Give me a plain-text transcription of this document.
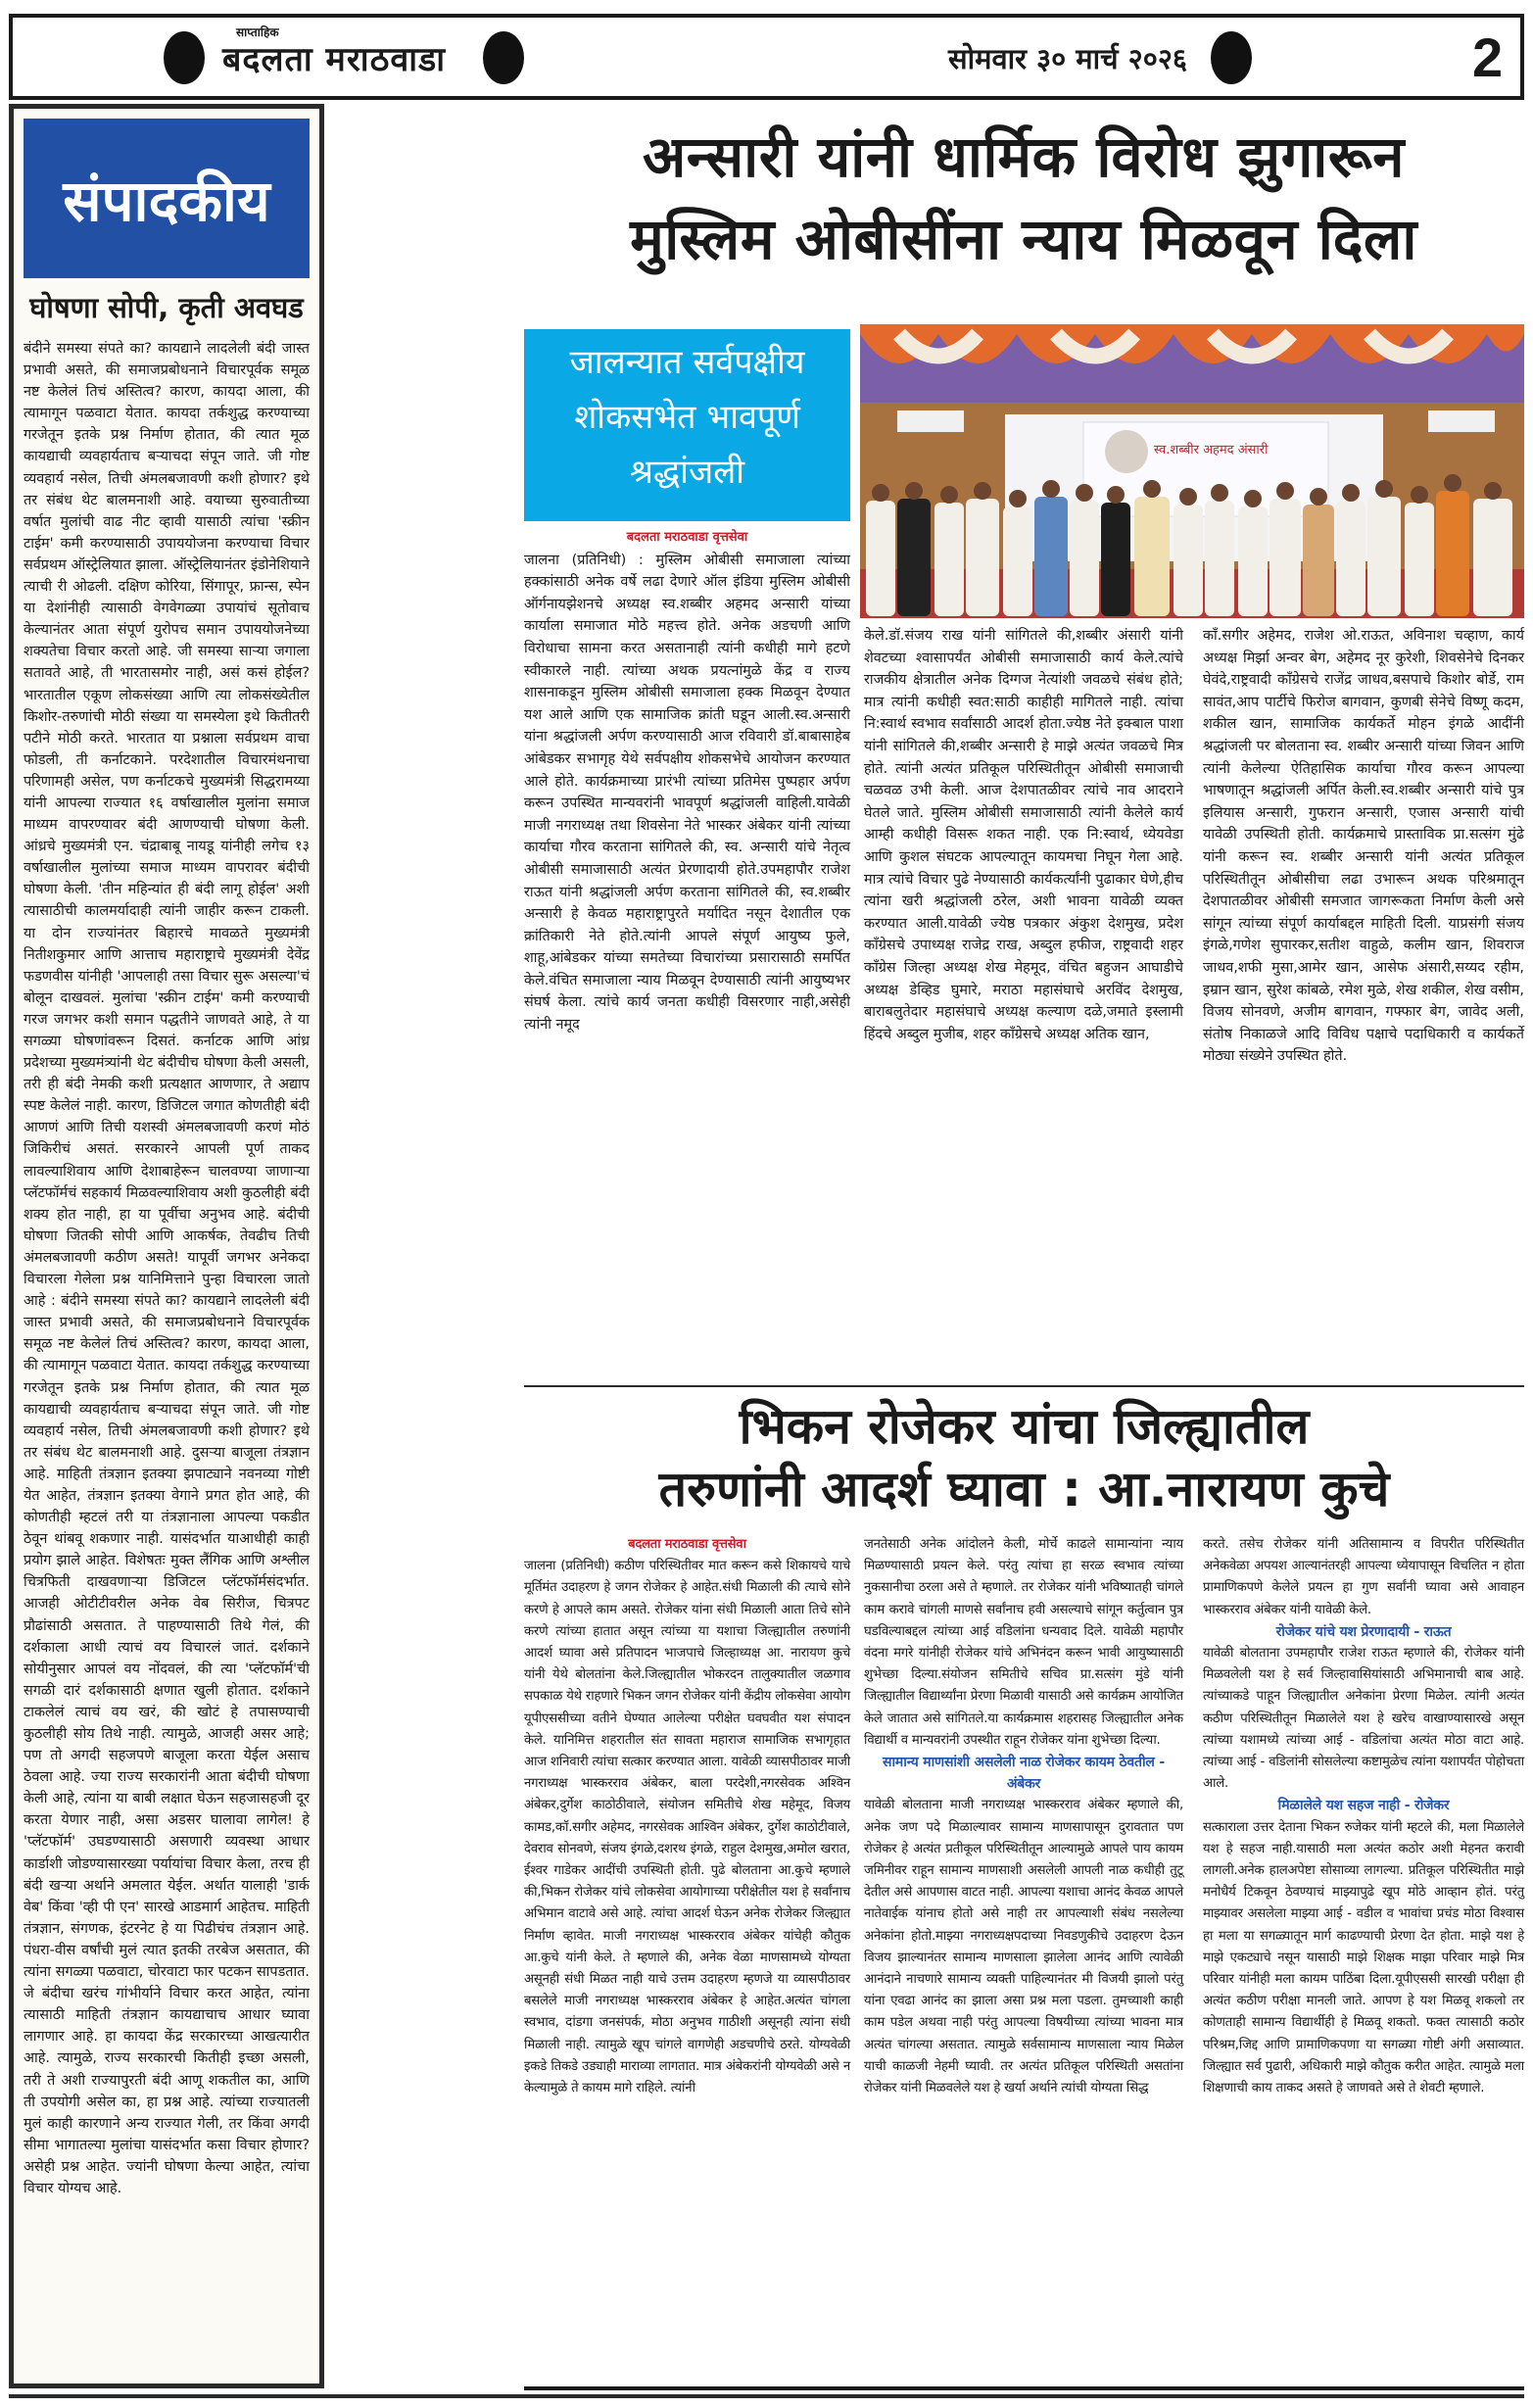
साप्ताहिक
बदलता मराठवाडा	सोमवार ३० मार्च २०२६	2
संपादकीय
घोषणा सोपी, कृती अवघड
बंदीने समस्या संपते का? कायद्याने लादलेली बंदी जास्त प्रभावी असते, की समाजप्रबोधनाने विचारपूर्वक समूळ नष्ट केलेलं तिचं अस्तित्व? कारण, कायदा आला, की त्यामागून पळवाटा येतात. कायदा तर्कशुद्ध करण्याच्या गरजेतून इतके प्रश्न निर्माण होतात, की त्यात मूळ कायद्याची व्यवहार्यताच बऱ्याचदा संपून जाते. जी गोष्ट व्यवहार्य नसेल, तिची अंमलबजावणी कशी होणार? इथे तर संबंध थेट बालमनाशी आहे. वयाच्या सुरुवातीच्या वर्षात मुलांची वाढ नीट व्हावी यासाठी त्यांचा 'स्क्रीन टाईम' कमी करण्यासाठी उपाययोजना करण्याचा विचार सर्वप्रथम ऑस्ट्रेलियात झाला. ऑस्ट्रेलियानंतर इंडोनेशियाने त्याची री ओढली. दक्षिण कोरिया, सिंगापूर, फ्रान्स, स्पेन या देशांनीही त्यासाठी वेगवेगळ्या उपायांचं सूतोवाच केल्यानंतर आता संपूर्ण युरोपच समान उपाययोजनेच्या शक्यतेचा विचार करतो आहे. जी समस्या साऱ्या जगाला सतावते आहे, ती भारतासमोर नाही, असं कसं होईल? भारतातील एकूण लोकसंख्या आणि त्या लोकसंख्येतील किशोर-तरुणांची मोठी संख्या या समस्येला इथे कितीतरी पटीने मोठी करते. भारतात या प्रश्नाला सर्वप्रथम वाचा फोडली, ती कर्नाटकाने. परदेशातील विचारमंथनाचा परिणामही असेल, पण कर्नाटकचे मुख्यमंत्री सिद्धरामय्या यांनी आपल्या राज्यात १६ वर्षाखालील मुलांना समाज माध्यम वापरण्यावर बंदी आणण्याची घोषणा केली. आंध्रचे मुख्यमंत्री एन. चंद्राबाबू नायडू यांनीही लगेच १३ वर्षाखालील मुलांच्या समाज माध्यम वापरावर बंदीची घोषणा केली. 'तीन महिन्यांत ही बंदी लागू होईल' अशी त्यासाठीची कालमर्यादाही त्यांनी जाहीर करून टाकली. या दोन राज्यांनंतर बिहारचे मावळते मुख्यमंत्री नितीशकुमार आणि आत्ताच महाराष्ट्राचे मुख्यमंत्री देवेंद्र फडणवीस यांनीही 'आपलाही तसा विचार सुरू असल्या'चं बोलून दाखवलं. मुलांचा 'स्क्रीन टाईम' कमी करण्याची गरज जगभर कशी समान पद्धतीने जाणवते आहे, ते या सगळ्या घोषणांवरून दिसतं. कर्नाटक आणि आंध्र प्रदेशच्या मुख्यमंत्र्यांनी थेट बंदीचीच घोषणा केली असली, तरी ही बंदी नेमकी कशी प्रत्यक्षात आणणार, ते अद्याप स्पष्ट केलेलं नाही. कारण, डिजिटल जगात कोणतीही बंदी आणणं आणि तिची यशस्वी अंमलबजावणी करणं मोठं जिकिरीचं असतं. सरकारने आपली पूर्ण ताकद लावल्याशिवाय आणि देशाबाहेरून चालवण्या जाणाऱ्या प्लॅटफॉर्मचं सहकार्य मिळवल्याशिवाय अशी कुठलीही बंदी शक्य होत नाही, हा या पूर्वीचा अनुभव आहे. बंदीची घोषणा जितकी सोपी आणि आकर्षक, तेवढीच तिची अंमलबजावणी कठीण असते! यापूर्वी जगभर अनेकदा विचारला गेलेला प्रश्न यानिमित्ताने पुन्हा विचारला जातो आहे : बंदीने समस्या संपते का? कायद्याने लादलेली बंदी जास्त प्रभावी असते, की समाजप्रबोधनाने विचारपूर्वक समूळ नष्ट केलेलं तिचं अस्तित्व? कारण, कायदा आला, की त्यामागून पळवाटा येतात. कायदा तर्कशुद्ध करण्याच्या गरजेतून इतके प्रश्न निर्माण होतात, की त्यात मूळ कायद्याची व्यवहार्यताच बऱ्याचदा संपून जाते. जी गोष्ट व्यवहार्य नसेल, तिची अंमलबजावणी कशी होणार? इथे तर संबंध थेट बालमनाशी आहे. दुसऱ्या बाजूला तंत्रज्ञान आहे. माहिती तंत्रज्ञान इतक्या झपाट्याने नवनव्या गोष्टी येत आहेत, तंत्रज्ञान इतक्या वेगाने प्रगत होत आहे, की कोणतीही म्हटलं तरी या तंत्रज्ञानाला आपल्या पकडीत ठेवून थांबवू शकणार नाही. यासंदर्भात याआधीही काही प्रयोग झाले आहेत. विशेषतः मुक्त लैंगिक आणि अश्लील चित्रफिती दाखवणाऱ्या डिजिटल प्लॅटफॉर्मसंदर्भात. आजही ओटीटीवरील अनेक वेब सिरीज, चित्रपट प्रौढांसाठी असतात. ते पाहण्यासाठी तिथे गेलं, की दर्शकाला आधी त्याचं वय विचारलं जातं. दर्शकाने सोयीनुसार आपलं वय नोंदवलं, की त्या 'प्लॅटफॉर्म'ची सगळी दारं दर्शकासाठी क्षणात खुली होतात. दर्शकाने टाकलेलं त्याचं वय खरं, की खोटं हे तपासण्याची कुठलीही सोय तिथे नाही. त्यामुळे, आजही असर आहे; पण तो अगदी सहजपणे बाजूला करता येईल असाच ठेवला आहे. ज्या राज्य सरकारांनी आता बंदीची घोषणा केली आहे, त्यांना या बाबी लक्षात घेऊन सहजासहजी दूर करता येणार नाही, असा अडसर घालावा लागेल! हे 'प्लॅटफॉर्म' उघडण्यासाठी असणारी व्यवस्था आधार कार्डाशी जोडण्यासारख्या पर्यायांचा विचार केला, तरच ही बंदी खऱ्या अर्थाने अमलात येईल. अर्थात यालाही 'डार्क वेब' किंवा 'व्ही पी एन' सारखे आडमार्ग आहेतच. माहिती तंत्रज्ञान, संगणक, इंटरनेट हे या पिढीचंच तंत्रज्ञान आहे. पंधरा-वीस वर्षांची मुलं त्यात इतकी तरबेज असतात, की त्यांना सगळ्या पळवाटा, चोरवाटा फार पटकन सापडतात. जे बंदीचा खरंच गांभीर्याने विचार करत आहेत, त्यांना त्यासाठी माहिती तंत्रज्ञान कायद्याचाच आधार घ्यावा लागणार आहे. हा कायदा केंद्र सरकारच्या आखत्यारीत आहे. त्यामुळे, राज्य सरकारची कितीही इच्छा असली, तरी ते अशी राज्यापुरती बंदी आणू शकतील का, आणि ती उपयोगी असेल का, हा प्रश्न आहे. त्यांच्या राज्यातली मुलं काही कारणाने अन्य राज्यात गेली, तर किंवा अगदी सीमा भागातल्या मुलांचा यासंदर्भात कसा विचार होणार? असेही प्रश्न आहेत. ज्यांनी घोषणा केल्या आहेत, त्यांचा विचार योग्यच आहे.
अन्सारी यांनी धार्मिक विरोध झुगारून
मुस्लिम ओबीसींना न्याय मिळवून दिला
जालन्यात सर्वपक्षीय शोकसभेत भावपूर्ण श्रद्धांजली
स्व.शब्बीर अहमद अंसारी
बदलता मराठवाडा वृत्तसेवा
जालना (प्रतिनिधी) : मुस्लिम ओबीसी समाजाला त्यांच्या हक्कांसाठी अनेक वर्षे लढा देणारे ऑल इंडिया मुस्लिम ओबीसी ऑर्गनायझेशनचे अध्यक्ष स्व.शब्बीर अहमद अन्सारी यांच्या कार्याला समाजात मोठे महत्त्व होते. अनेक अडचणी आणि विरोधाचा सामना करत असतानाही त्यांनी कधीही मागे हटणे स्वीकारले नाही. त्यांच्या अथक प्रयत्नांमुळे केंद्र व राज्य शासनाकडून मुस्लिम ओबीसी समाजाला हक्क मिळवून देण्यात यश आले आणि एक सामाजिक क्रांती घडून आली.स्व.अन्सारी यांना श्रद्धांजली अर्पण करण्यासाठी आज रविवारी डॉ.बाबासाहेब आंबेडकर सभागृह येथे सर्वपक्षीय शोकसभेचे आयोजन करण्यात आले होते. कार्यक्रमाच्या प्रारंभी त्यांच्या प्रतिमेस पुष्पहार अर्पण करून उपस्थित मान्यवरांनी भावपूर्ण श्रद्धांजली वाहिली.यावेळी माजी नगराध्यक्ष तथा शिवसेना नेते भास्कर अंबेकर यांनी त्यांच्या कार्याचा गौरव करताना सांगितले की, स्व. अन्सारी यांचे नेतृत्व ओबीसी समाजासाठी अत्यंत प्रेरणादायी होते.उपमहापौर राजेश राऊत यांनी श्रद्धांजली अर्पण करताना सांगितले की, स्व.शब्बीर अन्सारी हे केवळ महाराष्ट्रापुरते मर्यादित नसून देशातील एक क्रांतिकारी नेते होते.त्यांनी आपले संपूर्ण आयुष्य फुले, शाहू,आंबेडकर यांच्या समतेच्या विचारांच्या प्रसारासाठी समर्पित केले.वंचित समाजाला न्याय मिळवून देण्यासाठी त्यांनी आयुष्यभर संघर्ष केला. त्यांचे कार्य जनता कधीही विसरणार नाही,असेही त्यांनी नमूद
केले.डॉ.संजय राख यांनी सांगितले की,शब्बीर अंसारी यांनी शेवटच्या श्वासापर्यंत ओबीसी समाजासाठी कार्य केले.त्यांचे राजकीय क्षेत्रातील अनेक दिग्गज नेत्यांशी जवळचे संबंध होते; मात्र त्यांनी कधीही स्वत:साठी काहीही मागितले नाही. त्यांचा नि:स्वार्थ स्वभाव सर्वांसाठी आदर्श होता.ज्येष्ठ नेते इक्बाल पाशा यांनी सांगितले की,शब्बीर अन्सारी हे माझे अत्यंत जवळचे मित्र होते. त्यांनी अत्यंत प्रतिकूल परिस्थितीतून ओबीसी समाजाची चळवळ उभी केली. आज देशपातळीवर त्यांचे नाव आदराने घेतले जाते. मुस्लिम ओबीसी समाजासाठी त्यांनी केलेले कार्य आम्ही कधीही विसरू शकत नाही. एक नि:स्वार्थ, ध्येयवेडा आणि कुशल संघटक आपल्यातून कायमचा निघून गेला आहे. मात्र त्यांचे विचार पुढे नेण्यासाठी कार्यकर्त्यांनी पुढाकार घेणे,हीच त्यांना खरी श्रद्धांजली ठरेल, अशी भावना यावेळी व्यक्त करण्यात आली.यावेळी ज्येष्ठ पत्रकार अंकुश देशमुख, प्रदेश काँग्रेसचे उपाध्यक्ष राजेद्र राख, अब्दुल हफीज, राष्ट्रवादी शहर काँग्रेस जिल्हा अध्यक्ष शेख मेहमूद, वंचित बहुजन आघाडीचे अध्यक्ष डेव्हिड घुमारे, मराठा महासंघाचे अरविंद देशमुख, बाराबलुतेदार महासंघाचे अध्यक्ष कल्याण दळे,जमाते इस्लामी हिंदचे अब्दुल मुजीब, शहर काँग्रेसचे अध्यक्ष अतिक खान,
काँ.सगीर अहेमद, राजेश ओ.राऊत, अविनाश चव्हाण, कार्य अध्यक्ष मिर्झा अन्वर बेग, अहेमद नूर कुरेशी, शिवसेनेचे दिनकर घेवंदे,राष्ट्रवादी काँग्रेसचे राजेंद्र जाधव,बसपाचे किशोर बोर्डे, राम सावंत,आप पार्टीचे फिरोज बागवान, कुणबी सेनेचे विष्णू कदम, शकील खान, सामाजिक कार्यकर्ते मोहन इंगळे आदींनी श्रद्धांजली पर बोलताना स्व. शब्बीर अन्सारी यांच्या जिवन आणि त्यांनी केलेल्या ऐतिहासिक कार्याचा गौरव करून आपल्या भाषणातून श्रद्धांजली अर्पित केली.स्व.शब्बीर अन्सारी यांचे पुत्र इलियास अन्सारी, गुफरान अन्सारी, एजास अन्सारी यांची यावेळी उपस्थिती होती. कार्यक्रमाचे प्रास्ताविक प्रा.सत्संग मुंढे यांनी करून स्व. शब्बीर अन्सारी यांनी अत्यंत प्रतिकूल परिस्थितीतून ओबीसीचा लढा उभारून अथक परिश्रमातून देशपातळीवर ओबीसी समजात जागरूकता निर्माण केली असे सांगून त्यांच्या संपूर्ण कार्याबद्दल माहिती दिली. याप्रसंगी संजय इंगळे,गणेश सुपारकर,सतीश वाहुळे, कलीम खान, शिवराज जाधव,शफी मुसा,आमेर खान, आसेफ अंसारी,सय्यद रहीम, इम्रान खान, सुरेश कांबळे, रमेश मुळे, शेख शकील, शेख वसीम, विजय सोनवणे, अजीम बागवान, गफ्फार बेग, जावेद अली, संतोष निकाळजे आदि विविध पक्षाचे पदाधिकारी व कार्यकर्ते मोठ्या संख्येने उपस्थित होते.
भिकन रोजेकर यांचा जिल्ह्यातील
तरुणांनी आदर्श घ्यावा : आ.नारायण कुचे
बदलता मराठवाडा वृत्तसेवा
जालना (प्रतिनिधी) कठीण परिस्थितीवर मात करून कसे शिकायचे याचे मूर्तिमंत उदाहरण हे जगन रोजेकर हे आहेत.संधी मिळाली की त्याचे सोने करणे हे आपले काम असते. रोजेकर यांना संधी मिळाली आता तिचे सोने करणे त्यांच्या हातात असून त्यांच्या या यशाचा जिल्ह्यातील तरुणांनी आदर्श घ्यावा असे प्रतिपादन भाजपाचे जिल्हाध्यक्ष आ. नारायण कुचे यांनी येथे बोलतांना केले.जिल्ह्यातील भोकरदन तालुक्यातील जळगाव सपकाळ येथे राहणारे भिकन जगन रोजेकर यांनी केंद्रीय लोकसेवा आयोग यूपीएससीच्या वतीने घेण्यात आलेल्या परीक्षेत घवघवीत यश संपादन केले. यानिमित्त शहरातील संत सावता महाराज सामाजिक सभागृहात आज शनिवारी त्यांचा सत्कार करण्यात आला. यावेळी व्यासपीठावर माजी नगराध्यक्ष भास्करराव अंबेकर, बाला परदेशी,नगरसेवक अश्विन अंबेकर,दुर्गेश काठोठीवाले, संयोजन समितीचे शेख महेमूद, विजय कामड,कॉ.सगीर अहेमद, नगरसेवक आश्विन अंबेकर, दुर्गेश काठोटीवाले, देवराव सोनवणे, संजय इंगळे,दशरथ इंगळे, राहुल देशमुख,अमोल खरात, ईश्वर गाडेकर आदींची उपस्थिती होती. पुढे बोलताना आ.कुचे म्हणाले की,भिकन रोजेकर यांचे लोकसेवा आयोगाच्या परीक्षेतील यश हे सर्वांनाच अभिमान वाटावे असे आहे. त्यांचा आदर्श घेऊन अनेक रोजेकर जिल्ह्यात निर्माण व्हावेत. माजी नगराध्यक्ष भास्करराव अंबेकर यांचेही कौतुक आ.कुचे यांनी केले. ते म्हणाले की, अनेक वेळा माणसामध्ये योग्यता असूनही संधी मिळत नाही याचे उत्तम उदाहरण म्हणजे या व्यासपीठावर बसलेले माजी नगराध्यक्ष भास्करराव अंबेकर हे आहेत.अत्यंत चांगला स्वभाव, दांडगा जनसंपर्क, मोठा अनुभव गाठीशी असूनही त्यांना संधी मिळाली नाही. त्यामुळे खूप चांगले वागणेही अडचणीचे ठरते. योग्यवेळी इकडे तिकडे उड्याही माराव्या लागतात. मात्र अंबेकरांनी योग्यवेळी असे न केल्यामुळे ते कायम मागे राहिले. त्यांनी
जनतेसाठी अनेक आंदोलने केली, मोर्चे काढले सामान्यांना न्याय मिळण्यासाठी प्रयत्न केले. परंतु त्यांचा हा सरळ स्वभाव त्यांच्या नुकसानीचा ठरला असे ते म्हणाले. तर रोजेकर यांनी भविष्यातही चांगले काम करावे चांगली माणसे सर्वांनाच हवी असल्याचे सांगून कर्तुत्वान पुत्र घडविल्याबद्दल त्यांच्या आई वडिलांना धन्यवाद दिले. यावेळी महापौर वंदना मगरे यांनीही रोजेकर यांचे अभिनंदन करून भावी आयुष्यासाठी शुभेच्छा दिल्या.संयोजन समितीचे सचिव प्रा.सत्संग मुंडे यांनी जिल्ह्यातील विद्यार्थ्यांना प्रेरणा मिळावी यासाठी असे कार्यक्रम आयोजित केले जातात असे सांगितले.या कार्यक्रमास शहरासह जिल्ह्यातील अनेक विद्यार्थी व मान्यवरांनी उपस्थीत राहून रोजेकर यांना शुभेच्छा दिल्या.
सामान्य माणसांशी असलेली नाळ रोजेकर कायम ठेवतील - अंबेकर
यावेळी बोलताना माजी नगराध्यक्ष भास्करराव अंबेकर म्हणाले की, अनेक जण पदे मिळाल्यावर सामान्य माणसापासून दुरावतात पण रोजेकर हे अत्यंत प्रतीकूल परिस्थितीतून आल्यामुळे आपले पाय कायम जमिनीवर राहून सामान्य माणसाशी असलेली आपली नाळ कधीही तुटू देतील असे आपणास वाटत नाही. आपल्या यशाचा आनंद केवळ आपले नातेवाईक यांनाच होतो असे नाही तर आपल्याशी संबंध नसलेल्या अनेकांना होतो.माझ्या नगराध्यक्षपदाच्या निवडणुकीचे उदाहरण देऊन विजय झाल्यानंतर सामान्य माणसाला झालेला आनंद आणि त्यावेळी आनंदाने नाचणारे सामान्य व्यक्ती पाहिल्यानंतर मी विजयी झालो परंतु यांना एवढा आनंद का झाला असा प्रश्न मला पडला. तुमच्याशी काही काम पडेल अथवा नाही परंतु आपल्या विषयीच्या त्यांच्या भावना मात्र अत्यंत चांगल्या असतात. त्यामुळे सर्वसामान्य माणसाला न्याय मिळेल याची काळजी नेहमी घ्यावी. तर अत्यंत प्रतिकूल परिस्थिती असतांना रोजेकर यांनी मिळवलेले यश हे खर्या अर्थाने त्यांची योग्यता सिद्ध
करते. तसेच रोजेकर यांनी अतिसामान्य व विपरीत परिस्थितीत अनेकवेळा अपयश आल्यानंतरही आपल्या ध्येयापासून विचलित न होता प्रामाणिकपणे केलेले प्रयत्न हा गुण सर्वांनी घ्यावा असे आवाहन भास्करराव अंबेकर यांनी यावेळी केले.
रोजेकर यांचे यश प्रेरणादायी - राऊत
यावेळी बोलताना उपमहापौर राजेश राऊत म्हणाले की, रोजेकर यांनी मिळवलेली यश हे सर्व जिल्हावासियांसाठी अभिमानाची बाब आहे. त्यांच्याकडे पाहून जिल्ह्यातील अनेकांना प्रेरणा मिळेल. त्यांनी अत्यंत कठीण परिस्थितीतून मिळालेले यश हे खरेच वाखाण्यासारखे असून त्यांच्या यशामध्ये त्यांच्या आई - वडिलांचा अत्यंत मोठा वाटा आहे. त्यांच्या आई - वडिलांनी सोसलेल्या कष्टामुळेच त्यांना यशापर्यंत पोहोचता आले.
मिळालेले यश सहज नाही - रोजेकर
सत्काराला उत्तर देताना भिकन रुजेकर यांनी म्हटले की, मला मिळालेले यश हे सहज नाही.यासाठी मला अत्यंत कठोर अशी मेहनत करावी लागली.अनेक हालअपेष्टा सोसाव्या लागल्या. प्रतिकूल परिस्थितीत माझे मनोधैर्य टिकवून ठेवण्याचं माझ्यापुढे खूप मोठे आव्हान होतं. परंतु माझ्यावर असलेला माझ्या आई - वडील व भावांचा प्रचंड मोठा विश्वास हा मला या सगळ्यातून मार्ग काढण्याची प्रेरणा देत होता. माझे यश हे माझे एकट्याचे नसून यासाठी माझे शिक्षक माझा परिवार माझे मित्र परिवार यांनीही मला कायम पाठिंबा दिला.यूपीएससी सारखी परीक्षा ही अत्यंत कठीण परीक्षा मानली जाते. आपण हे यश मिळवू शकलो तर कोणताही सामान्य विद्यार्थीही हे मिळवू शकतो. फक्त त्यासाठी कठोर परिश्रम,जिद्द आणि प्रामाणिकपणा या सगळ्या गोष्टी अंगी असाव्यात. जिल्ह्यात सर्व पुढारी, अधिकारी माझे कौतुक करीत आहेत. त्यामुळे मला शिक्षणाची काय ताकद असते हे जाणवते असे ते शेवटी म्हणाले.
